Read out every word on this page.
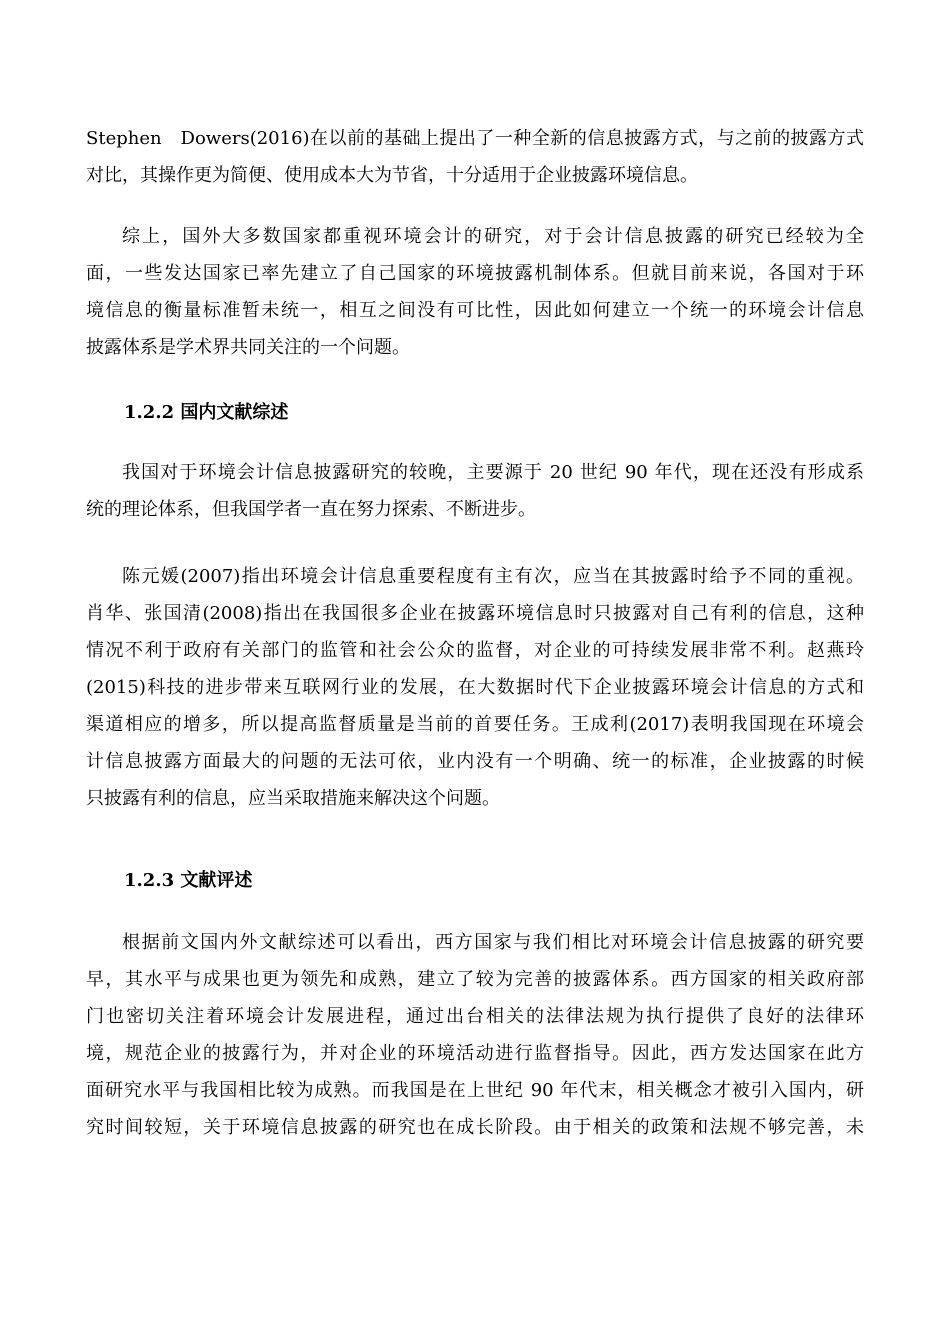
Stephen　Dowers(2016)在以前的基础上提出了一种全新的信息披露方式，与之前的披露方式
对比，其操作更为简便、使用成本大为节省，十分适用于企业披露环境信息。
综上，国外大多数国家都重视环境会计的研究，对于会计信息披露的研究已经较为全
面，一些发达国家已率先建立了自己国家的环境披露机制体系。但就目前来说，各国对于环
境信息的衡量标准暂未统一，相互之间没有可比性，因此如何建立一个统一的环境会计信息
披露体系是学术界共同关注的一个问题。
1.2.2 国内文献综述
我国对于环境会计信息披露研究的较晚，主要源于 20 世纪 90 年代，现在还没有形成系
统的理论体系，但我国学者一直在努力探索、不断进步。
陈元媛(2007)指出环境会计信息重要程度有主有次，应当在其披露时给予不同的重视。
肖华、张国清(2008)指出在我国很多企业在披露环境信息时只披露对自己有利的信息，这种
情况不利于政府有关部门的监管和社会公众的监督，对企业的可持续发展非常不利。赵燕玲
(2015)科技的进步带来互联网行业的发展，在大数据时代下企业披露环境会计信息的方式和
渠道相应的增多，所以提高监督质量是当前的首要任务。王成利(2017)表明我国现在环境会
计信息披露方面最大的问题的无法可依，业内没有一个明确、统一的标准，企业披露的时候
只披露有利的信息，应当采取措施来解决这个问题。
1.2.3 文献评述
根据前文国内外文献综述可以看出，西方国家与我们相比对环境会计信息披露的研究要
早，其水平与成果也更为领先和成熟，建立了较为完善的披露体系。西方国家的相关政府部
门也密切关注着环境会计发展进程，通过出台相关的法律法规为执行提供了良好的法律环
境，规范企业的披露行为，并对企业的环境活动进行监督指导。因此，西方发达国家在此方
面研究水平与我国相比较为成熟。而我国是在上世纪 90 年代末，相关概念才被引入国内，研
究时间较短，关于环境信息披露的研究也在成长阶段。由于相关的政策和法规不够完善，未
